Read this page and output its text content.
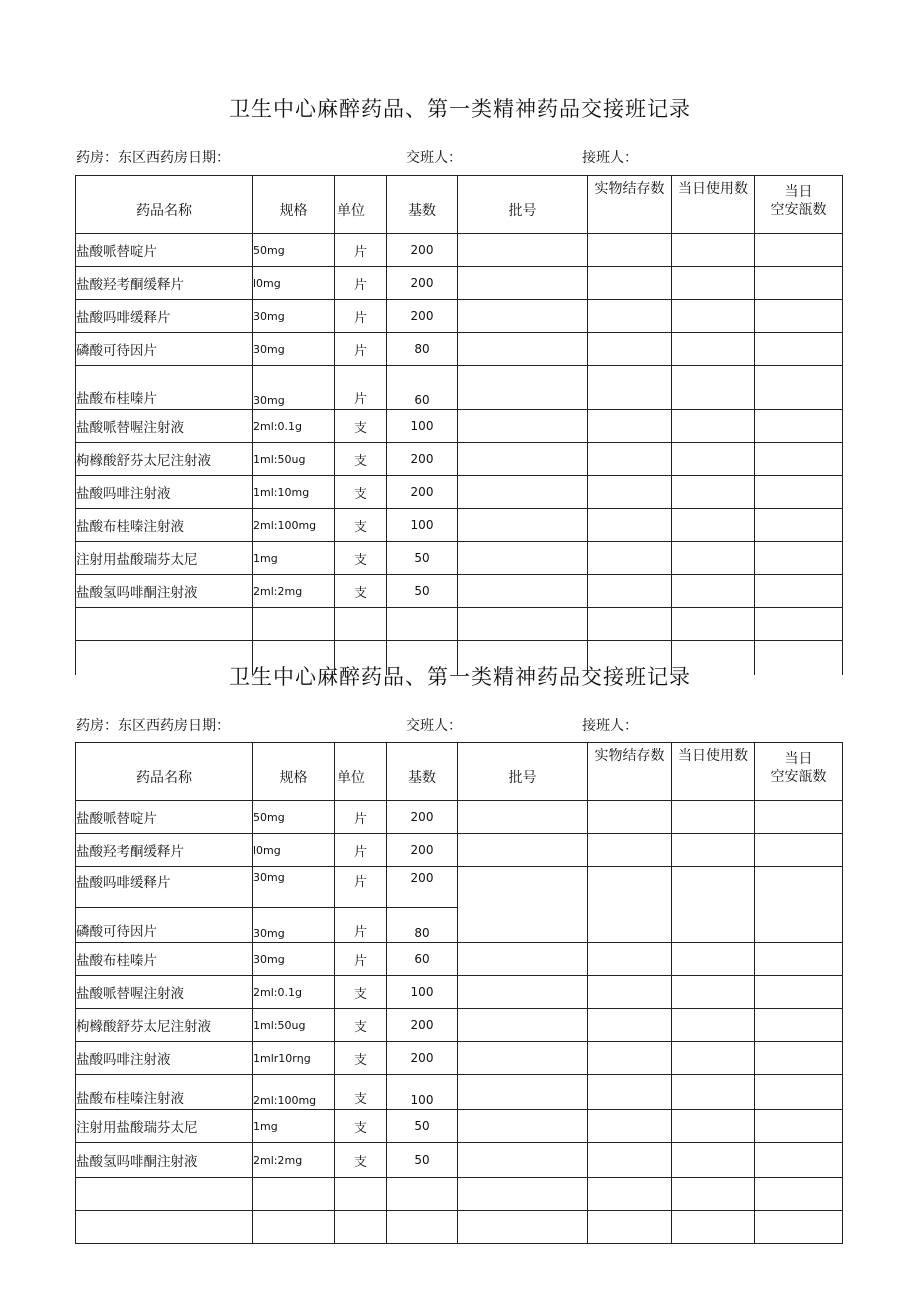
卫生中心麻醉药品、第一类精神药品交接班记录
药房：东区西药房日期：	交班人：	接班人：
药品名称	规格	单位	基数	批号	实物结存数	当日使用数	当日
空安瓿数

盐酸哌替啶片	50mg	片	200				
盐酸羟考酮缓释片	l0mg	片	200				
盐酸吗啡缓释片	30mg	片	200				
磷酸可待因片	30mg	片	80				
盐酸布桂嗪片	30mg	片	60				
盐酸哌替喔注射液	2ml:0.1g	支	100				
枸橼酸舒芬太尼注射液	1ml:50ug	支	200				
盐酸吗啡注射液	1ml:10mg	支	200				
盐酸布桂嗪注射液	2ml:100mg	支	100				
注射用盐酸瑞芬太尼	1mg	支	50				
盐酸氢吗啡酮注射液	2ml:2mg	支	50				

卫生中心麻醉药品、第一类精神药品交接班记录
药房：东区西药房日期：	交班人：	接班人：
药品名称	规格	单位	基数	批号	实物结存数	当日使用数	当日
空安瓿数

盐酸哌替啶片	50mg	片	200				
盐酸羟考酮缓释片	l0mg	片	200				
盐酸吗啡缓释片	30mg	片	200				
磷酸可待因片	30mg	片	80				
盐酸布桂嗪片	30mg	片	60				
盐酸哌替喔注射液	2ml:0.1g	支	100				
枸橼酸舒芬太尼注射液	1ml:50ug	支	200				
盐酸吗啡注射液	1mlr10rηg	支	200				
盐酸布桂嗪注射液	2ml:100mg	支	100				
注射用盐酸瑞芬太尼	1mg	支	50				
盐酸氢吗啡酮注射液	2ml:2mg	支	50				
